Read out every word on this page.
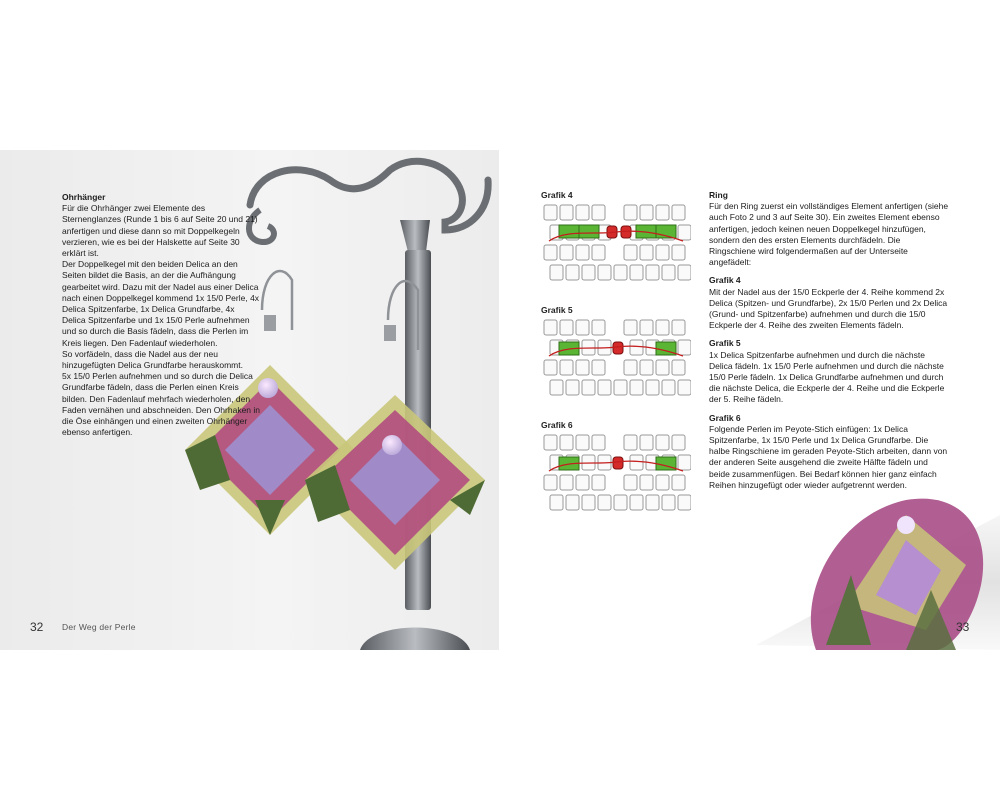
Ohrhänger

Für die Ohrhänger zwei Elemente des Sternenglanzes (Runde 1 bis 6 auf Seite 20 und 21) anfertigen und diese dann so mit Doppelkegeln verzieren, wie es bei der Halskette auf Seite 30 erklärt ist.

Der Doppelkegel mit den beiden Delica an den Seiten bildet die Basis, an der die Aufhängung gearbeitet wird. Dazu mit der Nadel aus einer Delica nach einen Doppelkegel kommend 1x 15/0 Perle, 4x Delica Spitzenfarbe, 1x Delica Grundfarbe, 4x Delica Spitzenfarbe und 1x 15/0 Perle aufnehmen und so durch die Basis fädeln, dass die Perlen im Kreis liegen. Den Fadenlauf wiederholen.

So vorfädeln, dass die Nadel aus der neu hinzugefügten Delica Grundfarbe herauskommt.

5x 15/0 Perlen aufnehmen und so durch die Delica Grundfarbe fädeln, dass die Perlen einen Kreis bilden. Den Fadenlauf mehrfach wiederholen, den Faden vernähen und abschneiden. Den Ohrhaken in die Öse einhängen und einen zweiten Ohrhänger ebenso anfertigen.

32 Der Weg der Perle
Grafik 4
Grafik 5
Grafik 6

Ring

Für den Ring zuerst ein vollständiges Element anfertigen (siehe auch Foto 2 und 3 auf Seite 30). Ein zweites Element ebenso anfertigen, jedoch keinen neuen Doppelkegel hinzufügen, sondern den des ersten Elements durchfädeln. Die Ringschiene wird folgendermaßen auf der Unterseite angefädelt:

Grafik 4

Mit der Nadel aus der 15/0 Eckperle der 4. Reihe kommend 2x Delica (Spitzen- und Grundfarbe), 2x 15/0 Perlen und 2x Delica (Grund- und Spitzenfarbe) aufnehmen und durch die 15/0 Eckperle der 4. Reihe des zweiten Elements fädeln.

Grafik 5

1x Delica Spitzenfarbe aufnehmen und durch die nächste Delica fädeln. 1x 15/0 Perle aufnehmen und durch die nächste 15/0 Perle fädeln. 1x Delica Grundfarbe aufnehmen und durch die nächste Delica, die Eckperle der 4. Reihe und die Eckperle der 5. Reihe fädeln.

Grafik 6

Folgende Perlen im Peyote-Stich einfügen: 1x Delica Spitzenfarbe, 1x 15/0 Perle und 1x Delica Grundfarbe. Die halbe Ringschiene im geraden Peyote-Stich arbeiten, dann von der anderen Seite ausgehend die zweite Hälfte fädeln und beide zusammenfügen. Bei Bedarf können hier ganz einfach Reihen hinzugefügt oder wieder aufgetrennt werden.

33
